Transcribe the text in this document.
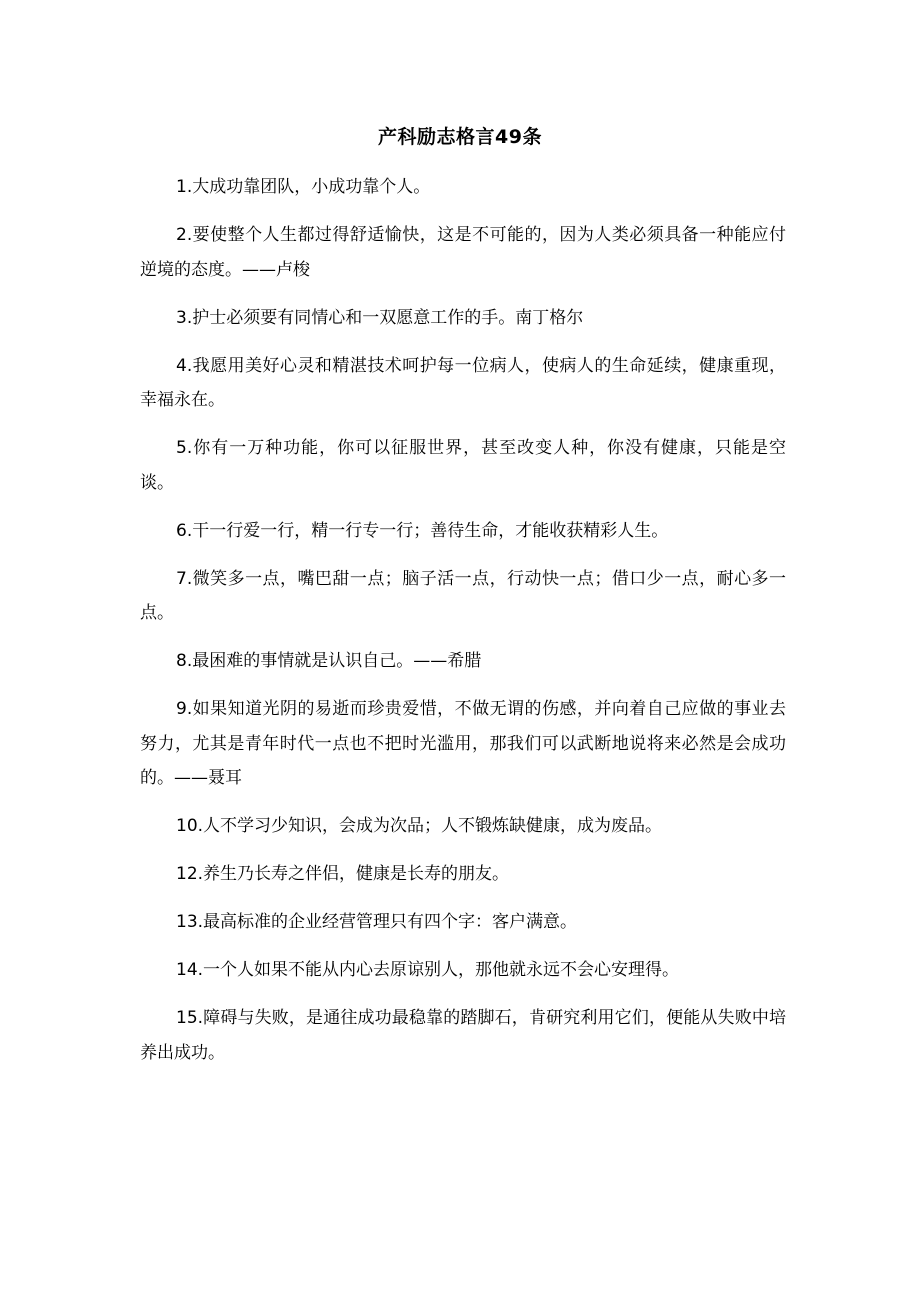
产科励志格言49条

1.大成功靠团队，小成功靠个人。

2.要使整个人生都过得舒适愉快，这是不可能的，因为人类必须具备一种能应付逆境的态度。——卢梭

3.护士必须要有同情心和一双愿意工作的手。南丁格尔

4.我愿用美好心灵和精湛技术呵护每一位病人，使病人的生命延续，健康重现，幸福永在。

5.你有一万种功能，你可以征服世界，甚至改变人种，你没有健康，只能是空谈。

6.干一行爱一行，精一行专一行；善待生命，才能收获精彩人生。

7.微笑多一点，嘴巴甜一点；脑子活一点，行动快一点；借口少一点，耐心多一点。

8.最困难的事情就是认识自己。——希腊

9.如果知道光阴的易逝而珍贵爱惜，不做无谓的伤感，并向着自己应做的事业去努力，尤其是青年时代一点也不把时光滥用，那我们可以武断地说将来必然是会成功的。——聂耳

10.人不学习少知识，会成为次品；人不锻炼缺健康，成为废品。

12.养生乃长寿之伴侣，健康是长寿的朋友。

13.最高标准的企业经营管理只有四个字：客户满意。

14.一个人如果不能从内心去原谅别人，那他就永远不会心安理得。

15.障碍与失败，是通往成功最稳靠的踏脚石，肯研究利用它们，便能从失败中培养出成功。
